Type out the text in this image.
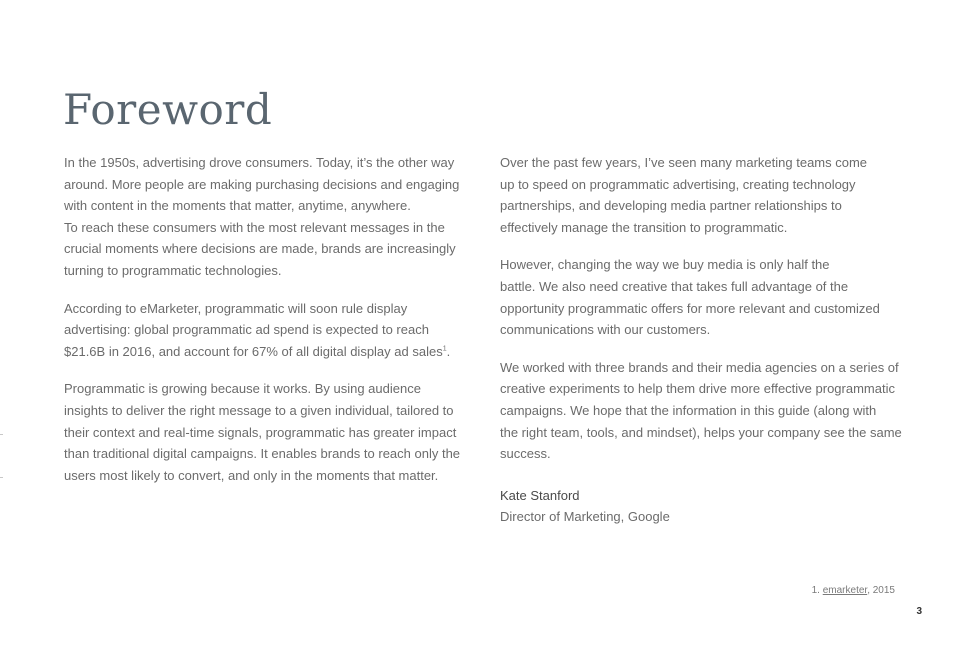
Foreword

In the 1950s, advertising drove consumers. Today, it’s the other way
around. More people are making purchasing decisions and engaging
with content in the moments that matter, anytime, anywhere.
To reach these consumers with the most relevant messages in the
crucial moments where decisions are made, brands are increasingly
turning to programmatic technologies.

According to eMarketer, programmatic will soon rule display
advertising: global programmatic ad spend is expected to reach
$21.6B in 2016, and account for 67% of all digital display ad sales$^1$.

Programmatic is growing because it works. By using audience
insights to deliver the right message to a given individual, tailored to
their context and real-time signals, programmatic has greater impact
than traditional digital campaigns. It enables brands to reach only the
users most likely to convert, and only in the moments that matter.

Over the past few years, I’ve seen many marketing teams come
up to speed on programmatic advertising, creating technology
partnerships, and developing media partner relationships to
effectively manage the transition to programmatic.

However, changing the way we buy media is only half the
battle. We also need creative that takes full advantage of the
opportunity programmatic offers for more relevant and customized
communications with our customers.

We worked with three brands and their media agencies on a series of
creative experiments to help them drive more effective programmatic
campaigns. We hope that the information in this guide (along with
the right team, tools, and mindset), helps your company see the same
success.

Kate Stanford
Director of Marketing, Google
1. emarketer, 2015
3
